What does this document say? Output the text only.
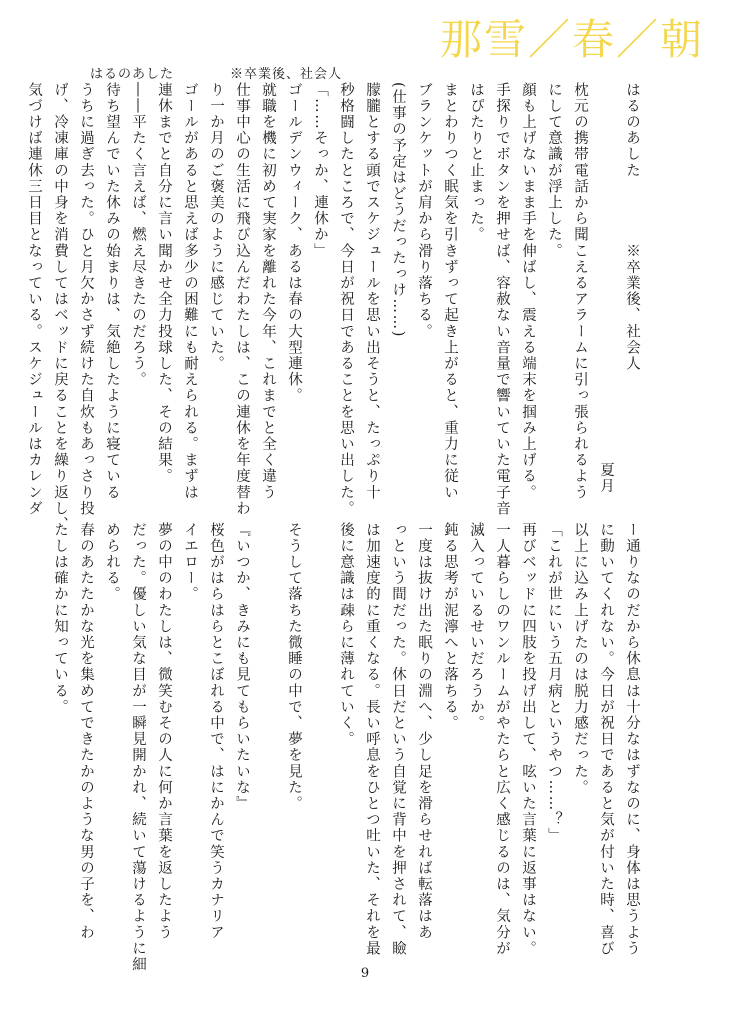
那雪／春／朝
はるのあした　　　　※卒業後、社会人
はるのあした　　　　※卒業後、社会人
夏月
枕元の携帯電話から聞こえるアラームに引っ張られるよう
にして意識が浮上した。
顔も上げないまま手を伸ばし、震える端末を掴み上げる。
手探りでボタンを押せば、容赦ない音量で響いていた電子音
はぴたりと止まった。
まとわりつく眠気を引きずって起き上がると、重力に従い
ブランケットが肩から滑り落ちる。
(仕事の予定はどうだったっけ……)
朦朧とする頭でスケジュールを思い出そうと、たっぷり十
秒格闘したところで、今日が祝日であることを思い出した。
「……そっか、連休か」
ゴールデンウィーク、あるは春の大型連休。
就職を機に初めて実家を離れた今年、これまでと全く違う
仕事中心の生活に飛び込んだわたしは、この連休を年度替わ
り一か月のご褒美のように感じていた。
ゴールがあると思えば多少の困難にも耐えられる。まずは
連休までと自分に言い聞かせ全力投球した、その結果。
――平たく言えば、燃え尽きたのだろう。
待ち望んでいた休みの始まりは、気絶したように寝ている
うちに過ぎ去った。ひと月欠かさず続けた自炊もあっさり投
げ、冷凍庫の中身を消費してはベッドに戻ることを繰り返し、
気づけば連休三日目となっている。スケジュールはカレンダ
ー通りなのだから休息は十分なはずなのに、身体は思うよう
に動いてくれない。今日が祝日であると気が付いた時、喜び
以上に込み上げたのは脱力感だった。
「これが世にいう五月病というやつ……？」
再びベッドに四肢を投げ出して、呟いた言葉に返事はない。
一人暮らしのワンルームがやたらと広く感じるのは、気分が
滅入っているせいだろうか。
鈍る思考が泥濘へと落ちる。
一度は抜け出た眠りの淵へ、少し足を滑らせれば転落はあ
っという間だった。休日だという自覚に背中を押されて、瞼
は加速度的に重くなる。長い呼息をひとつ吐いた、それを最
後に意識は疎らに薄れていく。

そうして落ちた微睡の中で、夢を見た。

『いつか、きみにも見てもらいたいな』
桜色がはらはらとこぼれる中で、はにかんで笑うカナリア
イエロー。
夢の中のわたしは、微笑むその人に何か言葉を返したよう
だった。優しい気な目が一瞬見開かれ、続いて蕩けるように細
められる。
春のあたたかな光を集めてできたかのような男の子を、わ
たしは確かに知っている。
9
